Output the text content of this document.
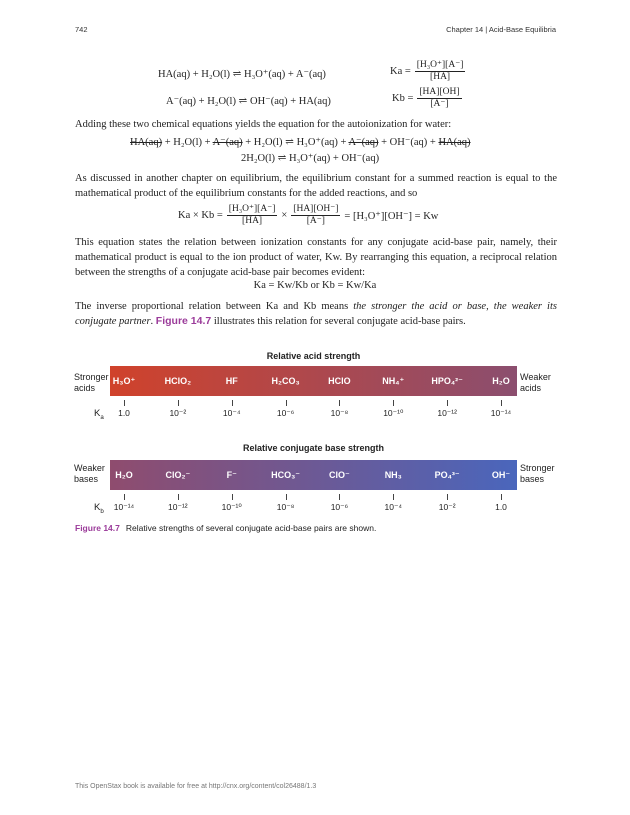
742	Chapter 14 | Acid-Base Equilibria
HA(aq) + H₂O(l) ⇌ H₃O⁺(aq) + A⁻(aq)	$Ka = \frac{\text{[H₃O⁺][A⁻]}}{[HA]}$
A⁻(aq) + H₂O(l) ⇌ OH⁻(aq) + HA(aq)	$Kb = \frac{[HA][OH]}{[A^-]}$
Adding these two chemical equations yields the equation for the autoionization for water:
HA(aq) + H₂O(l) + A⁻(aq) + H₂O(l) ⇌ H₃O⁺(aq) + A⁻(aq) + OH⁻(aq) + HA(aq)
2H₂O(l) ⇌ H₃O⁺(aq) + OH⁻(aq)
As discussed in another chapter on equilibrium, the equilibrium constant for a summed reaction is equal to the mathematical product of the equilibrium constants for the added reactions, and so
$Ka \times Kb = \frac{\text{[H₃O⁺][A⁻]}}{[HA]} \times \frac{[HA][OH^-]}{[A^-]} = [H_3O^+][OH^-] = Kw$
This equation states the relation between ionization constants for any conjugate acid-base pair, namely, their mathematical product is equal to the ion product of water, Kw. By rearranging this equation, a reciprocal relation between the strengths of a conjugate acid-base pair becomes evident:
Ka = Kw/Kb or Kb = Kw/Ka
The inverse proportional relation between Ka and Kb means the stronger the acid or base, the weaker its conjugate partner. Figure 14.7 illustrates this relation for several conjugate acid-base pairs.
Relative acid strength
Stronger acids
Weaker acids
H₃O⁺	HClO₂	HF	H₂CO₃	HClO	NH₄⁺	HPO₄²⁻	H₂O
1.0	10⁻²	10⁻⁴	10⁻⁶	10⁻⁸	10⁻¹⁰	10⁻¹²	10⁻¹⁴
$K_a$
Relative conjugate base strength
Weaker bases
Stronger bases
H₂O	ClO₂⁻	F⁻	HCO₃⁻	ClO⁻	NH₃	PO₄³⁻	OH⁻
10⁻¹⁴	10⁻¹²	10⁻¹⁰	10⁻⁸	10⁻⁶	10⁻⁴	10⁻²	1.0
$K_b$
Figure 14.7 Relative strengths of several conjugate acid-base pairs are shown.
This OpenStax book is available for free at http://cnx.org/content/col26488/1.3
